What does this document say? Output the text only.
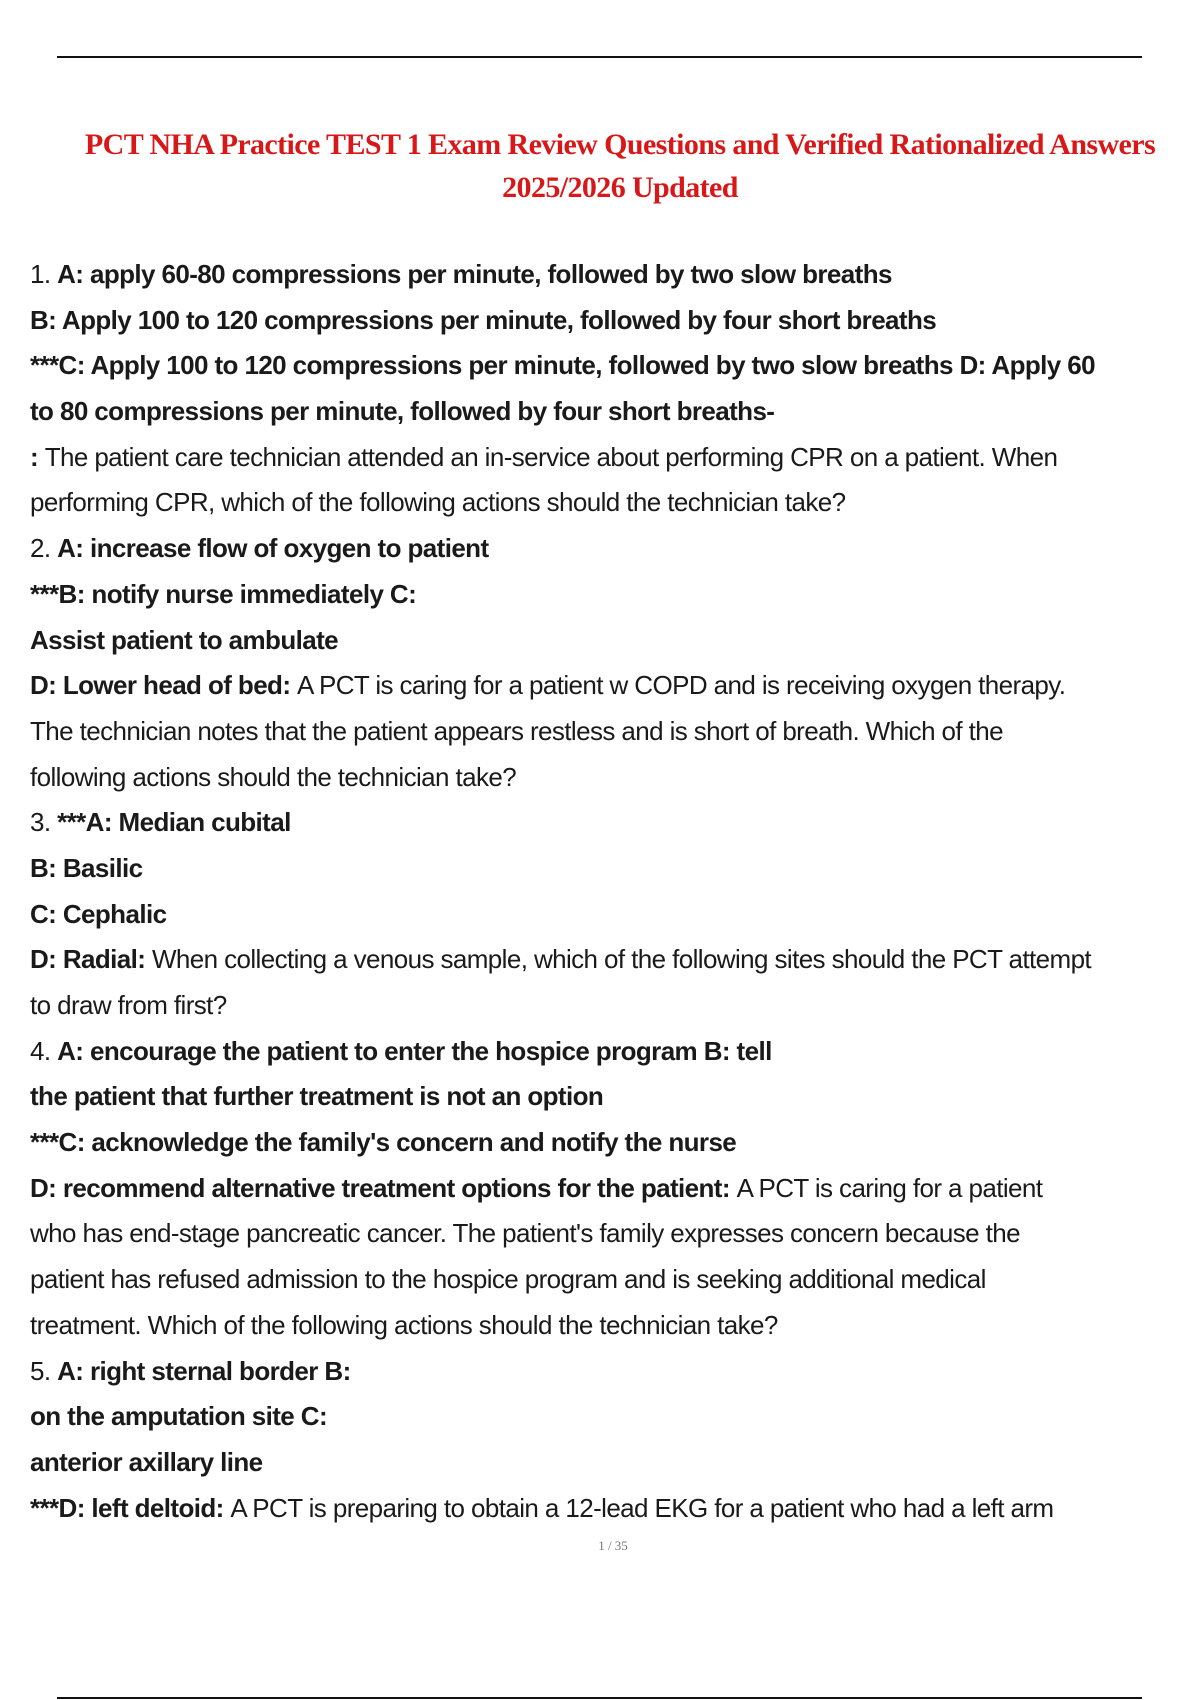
PCT NHA Practice TEST 1 Exam Review Questions and Verified Rationalized Answers
2025/2026 Updated
1. A: apply 60-80 compressions per minute, followed by two slow breaths
B: Apply 100 to 120 compressions per minute, followed by four short breaths
***C: Apply 100 to 120 compressions per minute, followed by two slow breaths D: Apply 60
to 80 compressions per minute, followed by four short breaths-
: The patient care technician attended an in-service about performing CPR on a patient. When
performing CPR, which of the following actions should the technician take?
2. A: increase flow of oxygen to patient
***B: notify nurse immediately C:
Assist patient to ambulate
D: Lower head of bed: A PCT is caring for a patient w COPD and is receiving oxygen therapy.
The technician notes that the patient appears restless and is short of breath. Which of the
following actions should the technician take?
3. ***A: Median cubital
B: Basilic
C: Cephalic
D: Radial: When collecting a venous sample, which of the following sites should the PCT attempt
to draw from first?
4. A: encourage the patient to enter the hospice program B: tell
the patient that further treatment is not an option
***C: acknowledge the family's concern and notify the nurse
D: recommend alternative treatment options for the patient: A PCT is caring for a patient
who has end-stage pancreatic cancer. The patient's family expresses concern because the
patient has refused admission to the hospice program and is seeking additional medical
treatment. Which of the following actions should the technician take?
5. A: right sternal border B:
on the amputation site C:
anterior axillary line
***D: left deltoid: A PCT is preparing to obtain a 12-lead EKG for a patient who had a left arm
1 / 35
